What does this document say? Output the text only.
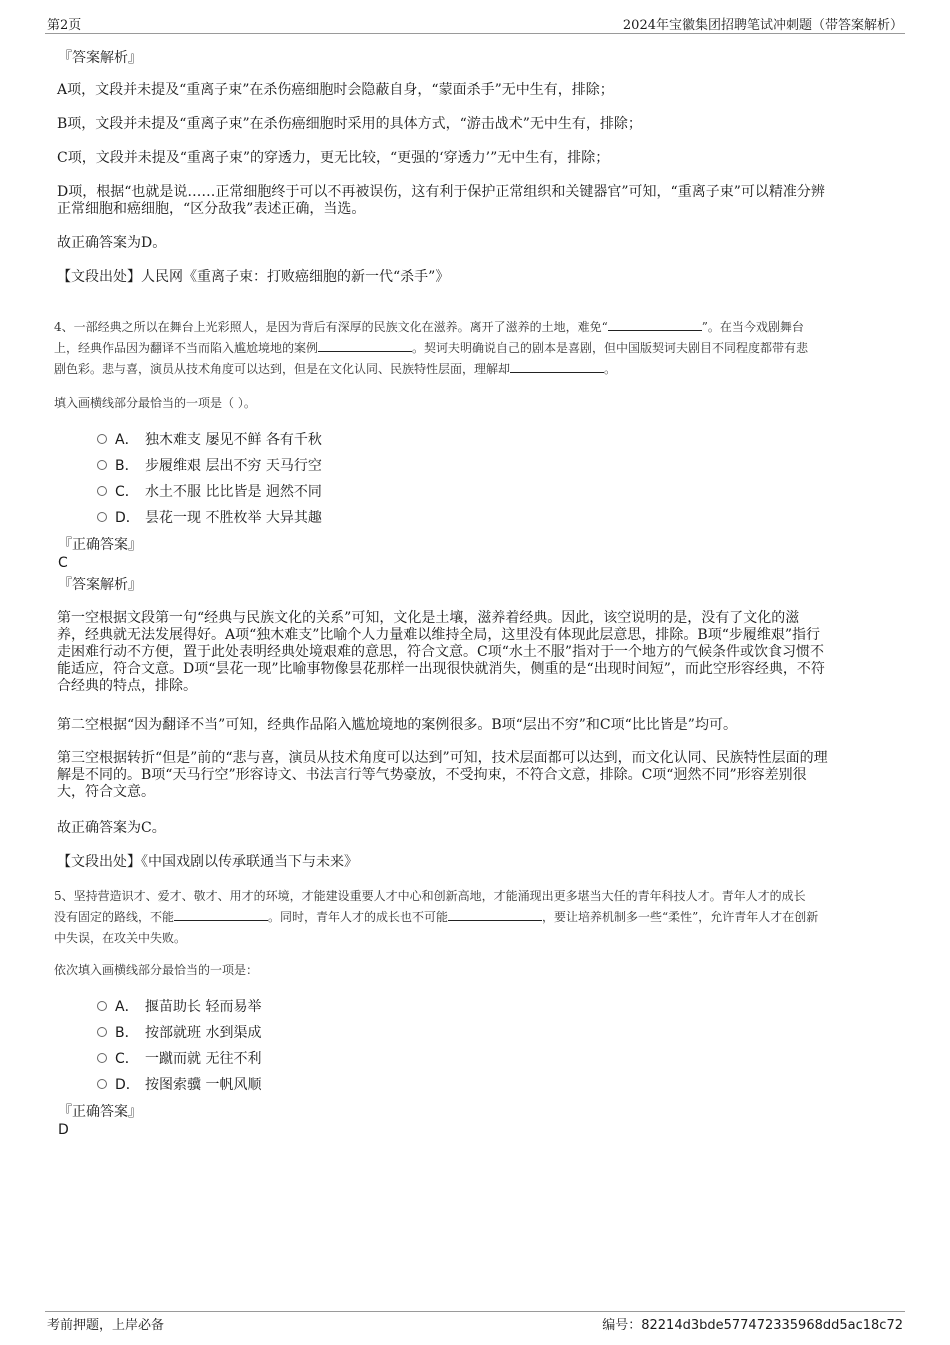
第2页	2024年宝徽集团招聘笔试冲刺题（带答案解析）
『答案解析』
A项，文段并未提及“重离子束”在杀伤癌细胞时会隐蔽自身，“蒙面杀手”无中生有，排除；
B项，文段并未提及“重离子束”在杀伤癌细胞时采用的具体方式，“游击战术”无中生有，排除；
C项，文段并未提及“重离子束”的穿透力，更无比较，“更强的‘穿透力’”无中生有，排除；
D项，根据“也就是说……正常细胞终于可以不再被误伤，这有利于保护正常组织和关键器官”可知，“重离子束”可以精准分辨
正常细胞和癌细胞，“区分敌我”表述正确，当选。
故正确答案为D。
【文段出处】人民网《重离子束：打败癌细胞的新一代“杀手”》
4、一部经典之所以在舞台上光彩照人，是因为背后有深厚的民族文化在滋养。离开了滋养的土地，难免“	”。在当今戏剧舞台
上，经典作品因为翻译不当而陷入尴尬境地的案例	。契诃夫明确说自己的剧本是喜剧，但中国版契诃夫剧目不同程度都带有悲
剧色彩。悲与喜，演员从技术角度可以达到，但是在文化认同、民族特性层面，理解却	。
填入画横线部分最恰当的一项是（ ）。
A． 独木难支 屡见不鲜 各有千秋
B． 步履维艰 层出不穷 天马行空
C． 水土不服 比比皆是 迥然不同
D． 昙花一现 不胜枚举 大异其趣
『正确答案』
C
『答案解析』
第一空根据文段第一句“经典与民族文化的关系”可知，文化是土壤，滋养着经典。因此，该空说明的是，没有了文化的滋
养，经典就无法发展得好。A项“独木难支”比喻个人力量难以维持全局，这里没有体现此层意思，排除。B项“步履维艰”指行
走困难行动不方便，置于此处表明经典处境艰难的意思，符合文意。C项“水土不服”指对于一个地方的气候条件或饮食习惯不
能适应，符合文意。D项“昙花一现”比喻事物像昙花那样一出现很快就消失，侧重的是“出现时间短”，而此空形容经典，不符
合经典的特点，排除。
第二空根据“因为翻译不当”可知，经典作品陷入尴尬境地的案例很多。B项“层出不穷”和C项“比比皆是”均可。
第三空根据转折“但是”前的“悲与喜，演员从技术角度可以达到”可知，技术层面都可以达到，而文化认同、民族特性层面的理
解是不同的。B项“天马行空”形容诗文、书法言行等气势豪放，不受拘束，不符合文意，排除。C项“迥然不同”形容差别很
大，符合文意。
故正确答案为C。
【文段出处】《中国戏剧以传承联通当下与未来》
5、坚持营造识才、爱才、敬才、用才的环境，才能建设重要人才中心和创新高地，才能涌现出更多堪当大任的青年科技人才。青年人才的成长
没有固定的路线，不能	。同时，青年人才的成长也不可能	，要让培养机制多一些“柔性”，允许青年人才在创新
中失误，在攻关中失败。
依次填入画横线部分最恰当的一项是：
A． 揠苗助长 轻而易举
B． 按部就班 水到渠成
C． 一蹴而就 无往不利
D． 按图索骥 一帆风顺
『正确答案』
D
考前押题，上岸必备	编号：82214d3bde577472335968dd5ac18c72
